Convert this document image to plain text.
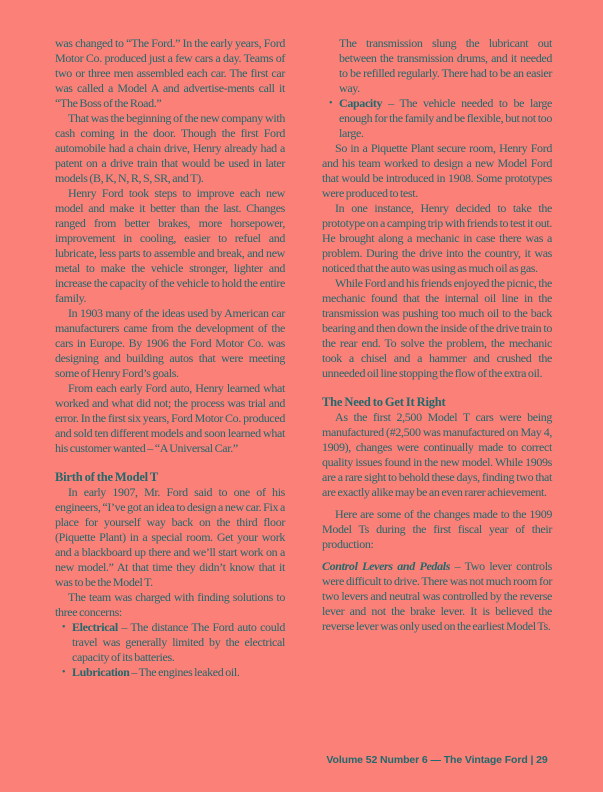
was changed to “The Ford.” In the early years, Ford Motor Co. produced just a few cars a day. Teams of two or three men assembled each car. The first car was called a Model A and advertise-ments call it “The Boss of the Road.”

That was the beginning of the new company with cash coming in the door. Though the first Ford automobile had a chain drive, Henry already had a patent on a drive train that would be used in later models (B, K, N, R, S, SR, and T).

Henry Ford took steps to improve each new model and make it better than the last. Changes ranged from better brakes, more horsepower, improvement in cooling, easier to refuel and lubricate, less parts to assemble and break, and new metal to make the vehicle stronger, lighter and increase the capacity of the vehicle to hold the entire family.

In 1903 many of the ideas used by American car manufacturers came from the development of the cars in Europe. By 1906 the Ford Motor Co. was designing and building autos that were meeting some of Henry Ford’s goals.

From each early Ford auto, Henry learned what worked and what did not; the process was trial and error. In the first six years, Ford Motor Co. produced and sold ten different models and soon learned what his customer wanted – “A Universal Car.”

Birth of the Model T

In early 1907, Mr. Ford said to one of his engineers, “I’ve got an idea to design a new car. Fix a place for yourself way back on the third floor (Piquette Plant) in a special room. Get your work and a blackboard up there and we’ll start work on a new model.” At that time they didn’t know that it was to be the Model T.

The team was charged with finding solutions to three concerns:

• Electrical – The distance The Ford auto could travel was generally limited by the electrical capacity of its batteries.

• Lubrication – The engines leaked oil.

The transmission slung the lubricant out between the transmission drums, and it needed to be refilled regularly. There had to be an easier way.

• Capacity – The vehicle needed to be large enough for the family and be flexible, but not too large.

So in a Piquette Plant secure room, Henry Ford and his team worked to design a new Model Ford that would be introduced in 1908. Some prototypes were produced to test.

In one instance, Henry decided to take the prototype on a camping trip with friends to test it out. He brought along a mechanic in case there was a problem. During the drive into the country, it was noticed that the auto was using as much oil as gas.

While Ford and his friends enjoyed the picnic, the mechanic found that the internal oil line in the transmission was pushing too much oil to the back bearing and then down the inside of the drive train to the rear end. To solve the problem, the mechanic took a chisel and a hammer and crushed the unneeded oil line stopping the flow of the extra oil.

The Need to Get It Right

As the first 2,500 Model T cars were being manufactured (#2,500 was manufactured on May 4, 1909), changes were continually made to correct quality issues found in the new model. While 1909s are a rare sight to behold these days, finding two that are exactly alike may be an even rarer achievement.

Here are some of the changes made to the 1909 Model Ts during the first fiscal year of their production:

Control Levers and Pedals – Two lever controls were difficult to drive. There was not much room for two levers and neutral was controlled by the reverse lever and not the brake lever. It is believed the reverse lever was only used on the earliest Model Ts.

Volume 52 Number 6 — The Vintage Ford | 29
